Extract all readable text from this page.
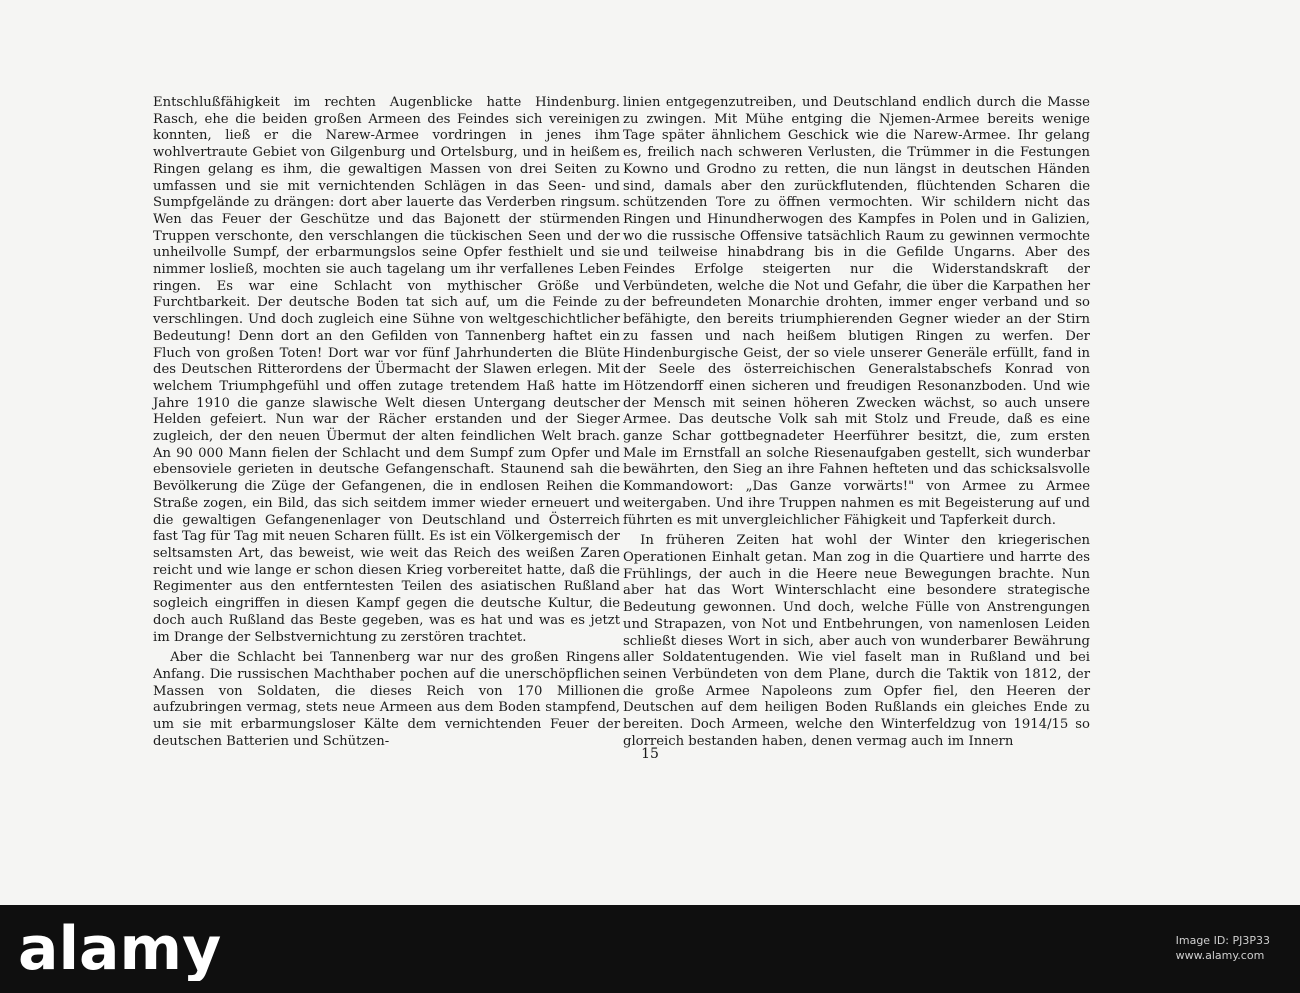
Entschlußfähigkeit im rechten Augenblicke hatte Hindenburg. Rasch, ehe die beiden großen Armeen des Feindes sich vereinigen konnten, ließ er die Narew-Armee vordringen in jenes ihm wohlvertraute Gebiet von Gilgenburg und Ortelsburg, und in heißem Ringen gelang es ihm, die gewaltigen Massen von drei Seiten zu umfassen und sie mit vernichtenden Schlägen in das Seen- und Sumpfgelände zu drängen: dort aber lauerte das Verderben ringsum. Wen das Feuer der Geschütze und das Bajonett der stürmenden Truppen verschonte, den verschlangen die tückischen Seen und der unheilvolle Sumpf, der erbarmungslos seine Opfer festhielt und sie nimmer losließ, mochten sie auch tagelang um ihr verfallenes Leben ringen. Es war eine Schlacht von mythischer Größe und Furchtbarkeit. Der deutsche Boden tat sich auf, um die Feinde zu verschlingen. Und doch zugleich eine Sühne von weltgeschichtlicher Bedeutung! Denn dort an den Gefilden von Tannenberg haftet ein Fluch von großen Toten! Dort war vor fünf Jahrhunderten die Blüte des Deutschen Ritterordens der Übermacht der Slawen erlegen. Mit welchem Triumphgefühl und offen zutage tretendem Haß hatte im Jahre 1910 die ganze slawische Welt diesen Untergang deutscher Helden gefeiert. Nun war der Rächer erstanden und der Sieger zugleich, der den neuen Übermut der alten feindlichen Welt brach. An 90 000 Mann fielen der Schlacht und dem Sumpf zum Opfer und ebensoviele gerieten in deutsche Gefangenschaft. Staunend sah die Bevölkerung die Züge der Gefangenen, die in endlosen Reihen die Straße zogen, ein Bild, das sich seitdem immer wieder erneuert und die gewaltigen Gefangenenlager von Deutschland und Österreich fast Tag für Tag mit neuen Scharen füllt. Es ist ein Völkergemisch der seltsamsten Art, das beweist, wie weit das Reich des weißen Zaren reicht und wie lange er schon diesen Krieg vorbereitet hatte, daß die Regimenter aus den entferntesten Teilen des asiatischen Rußland sogleich eingriffen in diesen Kampf gegen die deutsche Kultur, die doch auch Rußland das Beste gegeben, was es hat und was es jetzt im Drange der Selbstvernichtung zu zerstören trachtet.

Aber die Schlacht bei Tannenberg war nur des großen Ringens Anfang. Die russischen Machthaber pochen auf die unerschöpflichen Massen von Soldaten, die dieses Reich von 170 Millionen aufzubringen vermag, stets neue Armeen aus dem Boden stampfend, um sie mit erbarmungsloser Kälte dem vernichtenden Feuer der deutschen Batterien und Schützen-

linien entgegenzutreiben, und Deutschland endlich durch die Masse zu zwingen. Mit Mühe entging die Njemen-Armee bereits wenige Tage später ähnlichem Geschick wie die Narew-Armee. Ihr gelang es, freilich nach schweren Verlusten, die Trümmer in die Festungen Kowno und Grodno zu retten, die nun längst in deutschen Händen sind, damals aber den zurückflutenden, flüchtenden Scharen die schützenden Tore zu öffnen vermochten. Wir schildern nicht das Ringen und Hinundherwogen des Kampfes in Polen und in Galizien, wo die russische Offensive tatsächlich Raum zu gewinnen vermochte und teilweise hinabdrang bis in die Gefilde Ungarns. Aber des Feindes Erfolge steigerten nur die Widerstandskraft der Verbündeten, welche die Not und Gefahr, die über die Karpathen her der befreundeten Monarchie drohten, immer enger verband und so befähigte, den bereits triumphierenden Gegner wieder an der Stirn zu fassen und nach heißem blutigen Ringen zu werfen. Der Hindenburgische Geist, der so viele unserer Generäle erfüllt, fand in der Seele des österreichischen Generalstabschefs Konrad von Hötzendorff einen sicheren und freudigen Resonanzboden. Und wie der Mensch mit seinen höheren Zwecken wächst, so auch unsere Armee. Das deutsche Volk sah mit Stolz und Freude, daß es eine ganze Schar gottbegnadeter Heerführer besitzt, die, zum ersten Male im Ernstfall an solche Riesenaufgaben gestellt, sich wunderbar bewährten, den Sieg an ihre Fahnen hefteten und das schicksalsvolle Kommandowort: „Das Ganze vorwärts!" von Armee zu Armee weitergaben. Und ihre Truppen nahmen es mit Begeisterung auf und führten es mit unvergleichlicher Fähigkeit und Tapferkeit durch.

In früheren Zeiten hat wohl der Winter den kriegerischen Operationen Einhalt getan. Man zog in die Quartiere und harrte des Frühlings, der auch in die Heere neue Bewegungen brachte. Nun aber hat das Wort Winterschlacht eine besondere strategische Bedeutung gewonnen. Und doch, welche Fülle von Anstrengungen und Strapazen, von Not und Entbehrungen, von namenlosen Leiden schließt dieses Wort in sich, aber auch von wunderbarer Bewährung aller Soldatentugenden. Wie viel faselt man in Rußland und bei seinen Verbündeten von dem Plane, durch die Taktik von 1812, der die große Armee Napoleons zum Opfer fiel, den Heeren der Deutschen auf dem heiligen Boden Rußlands ein gleiches Ende zu bereiten. Doch Armeen, welche den Winterfeldzug von 1914/15 so glorreich bestanden haben, denen vermag auch im Innern

15
alamy	Image ID: PJ3P33
www.alamy.com
